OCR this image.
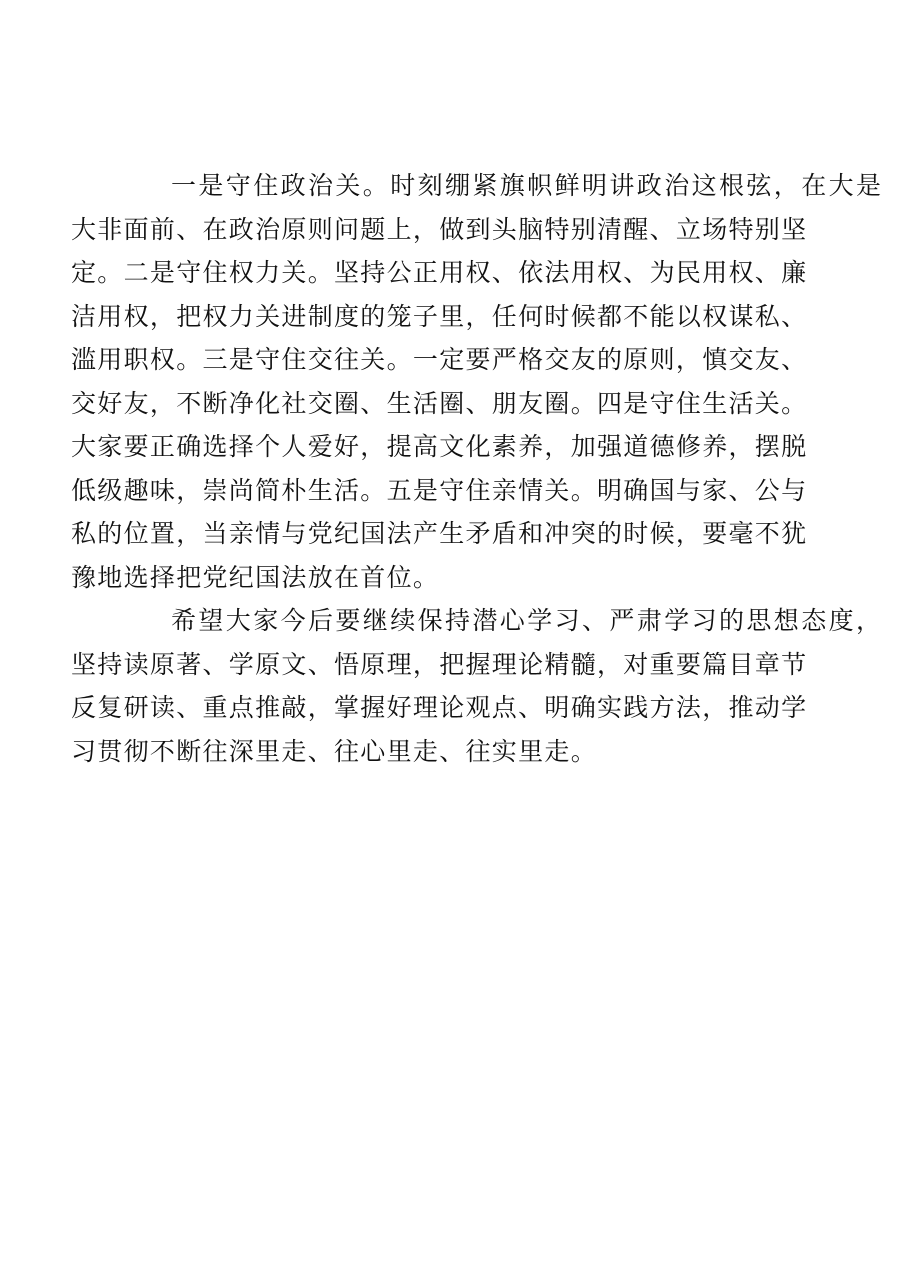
一是守住政治关。时刻绷紧旗帜鲜明讲政治这根弦，在大是
大非面前、在政治原则问题上，做到头脑特别清醒、立场特别坚
定。二是守住权力关。坚持公正用权、依法用权、为民用权、廉
洁用权，把权力关进制度的笼子里，任何时候都不能以权谋私、
滥用职权。三是守住交往关。一定要严格交友的原则，慎交友、
交好友，不断净化社交圈、生活圈、朋友圈。四是守住生活关。
大家要正确选择个人爱好，提高文化素养，加强道德修养，摆脱
低级趣味，崇尚简朴生活。五是守住亲情关。明确国与家、公与
私的位置，当亲情与党纪国法产生矛盾和冲突的时候，要毫不犹
豫地选择把党纪国法放在首位。

希望大家今后要继续保持潜心学习、严肃学习的思想态度，
坚持读原著、学原文、悟原理，把握理论精髓，对重要篇目章节
反复研读、重点推敲，掌握好理论观点、明确实践方法，推动学
习贯彻不断往深里走、往心里走、往实里走。
